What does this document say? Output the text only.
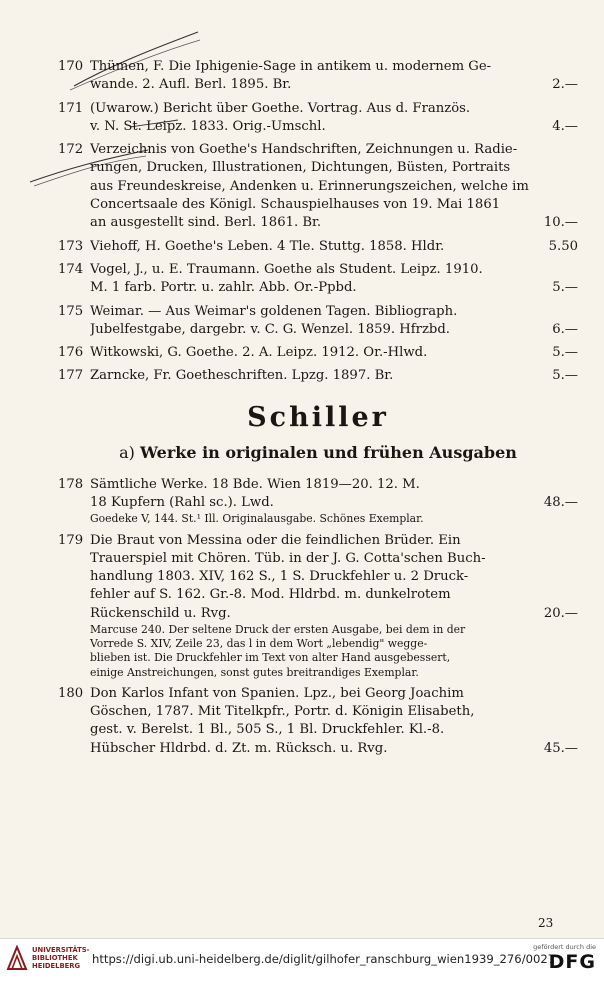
170 Thümen, F. Die Iphigenie-Sage in antikem u. modernem Ge-
wande. 2. Aufl. Berl. 1895. Br.	2.—
171 (Uwarow.) Bericht über Goethe. Vortrag. Aus d. Französ.
v. N. St. Leipz. 1833. Orig.-Umschl.	4.—
172 Verzeichnis von Goethe's Handschriften, Zeichnungen u. Radie-
rungen, Drucken, Illustrationen, Dichtungen, Büsten, Portraits
aus Freundeskreise, Andenken u. Erinnerungszeichen, welche im
Concertsaale des Königl. Schauspielhauses von 19. Mai 1861
an ausgestellt sind. Berl. 1861. Br.	10.—
173 Viehoff, H. Goethe's Leben. 4 Tle. Stuttg. 1858. Hldr.	5.50
174 Vogel, J., u. E. Traumann. Goethe als Student. Leipz. 1910.
M. 1 farb. Portr. u. zahlr. Abb. Or.-Ppbd.	5.—
175 Weimar. — Aus Weimar's goldenen Tagen. Bibliograph.
Jubelfestgabe, dargebr. v. C. G. Wenzel. 1859. Hfrzbd.	6.—
176 Witkowski, G. Goethe. 2. A. Leipz. 1912. Or.-Hlwd.	5.—
177 Zarncke, Fr. Goetheschriften. Lpzg. 1897. Br.	5.—
Schiller
a) Werke in originalen und frühen Ausgaben
178 Sämtliche Werke. 18 Bde. Wien 1819—20. 12. M.
18 Kupfern (Rahl sc.). Lwd.	48.—
Goedeke V, 144. St.¹ Ill. Originalausgabe. Schönes Exemplar.
179 Die Braut von Messina oder die feindlichen Brüder. Ein
Trauerspiel mit Chören. Tüb. in der J. G. Cotta'schen Buch-
handlung 1803. XIV, 162 S., 1 S. Druckfehler u. 2 Druck-
fehler auf S. 162. Gr.-8. Mod. Hldrbd. m. dunkelrotem
Rückenschild u. Rvg.	20.—
Marcuse 240. Der seltene Druck der ersten Ausgabe, bei dem in der
Vorrede S. XIV, Zeile 23, das l in dem Wort „lebendig" wegge-
blieben ist. Die Druckfehler im Text von alter Hand ausgebessert,
einige Anstreichungen, sonst gutes breitrandiges Exemplar.
180 Don Karlos Infant von Spanien. Lpz., bei Georg Joachim
Göschen, 1787. Mit Titelkpfr., Portr. d. Königin Elisabeth,
gest. v. Berelst. 1 Bl., 505 S., 1 Bl. Druckfehler. Kl.-8.
Hübscher Hldrbd. d. Zt. m. Rücksch. u. Rvg.	45.—
23
UNIVERSITÄTS-
BIBLIOTHEK
HEIDELBERG	https://digi.ub.uni-heidelberg.de/diglit/gilhofer_ranschburg_wien1939_276/0027
gefördert durch die
DFG
